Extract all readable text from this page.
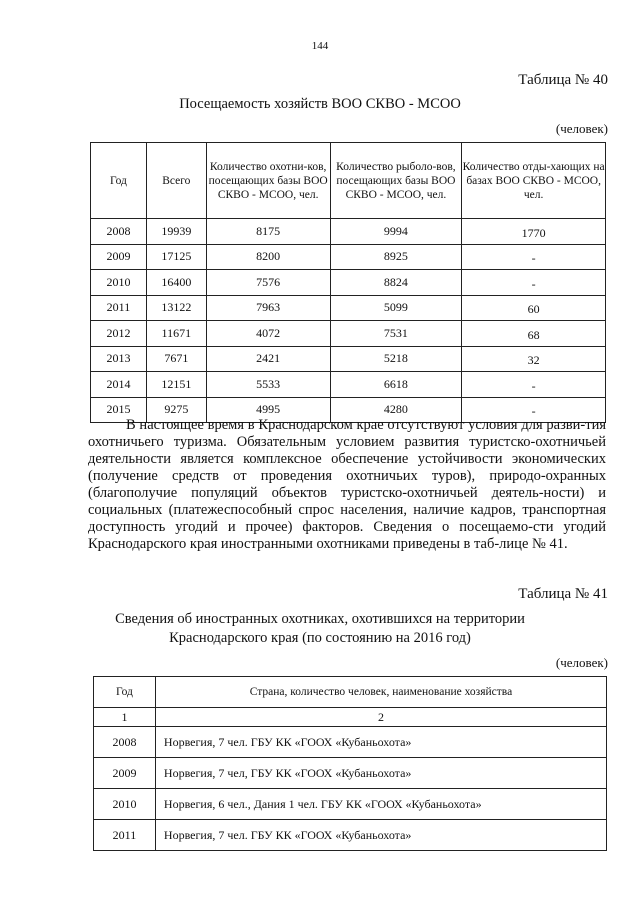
144
Таблица № 40
Посещаемость хозяйств ВОО СКВО - МСОО
(человек)
Год	Всего	Количество охотни-ков, посещающих базы ВОО СКВО - МСОО, чел.	Количество рыболо-вов, посещающих базы ВОО СКВО - МСОО, чел.	Количество отды-хающих на базах ВОО СКВО - МСОО, чел.
2008	19939	8175	9994	1770
2009	17125	8200	8925	-
2010	16400	7576	8824	-
2011	13122	7963	5099	60
2012	11671	4072	7531	68
2013	7671	2421	5218	32
2014	12151	5533	6618	-
2015	9275	4995	4280	-
В настоящее время в Краснодарском крае отсутствуют условия для разви-тия охотничьего туризма. Обязательным условием развития туристско-охотничьей деятельности является комплексное обеспечение устойчивости экономических (получение средств от проведения охотничьих туров), природо-охранных (благополучие популяций объектов туристско-охотничьей деятель-ности) и социальных (платежеспособный спрос населения, наличие кадров, транспортная доступность угодий и прочее) факторов. Сведения о посещаемо-сти угодий Краснодарского края иностранными охотниками приведены в таб-лице № 41.
Таблица № 41
Сведения об иностранных охотниках, охотившихся на территории
Краснодарского края (по состоянию на 2016 год)
(человек)
Год	Страна, количество человек, наименование хозяйства
1	2
2008	Норвегия, 7 чел. ГБУ КК «ГООХ «Кубаньохота»
2009	Норвегия, 7 чел, ГБУ КК «ГООХ «Кубаньохота»
2010	Норвегия, 6 чел., Дания 1 чел. ГБУ КК «ГООХ «Кубаньохота»
2011	Норвегия, 7 чел. ГБУ КК «ГООХ «Кубаньохота»
